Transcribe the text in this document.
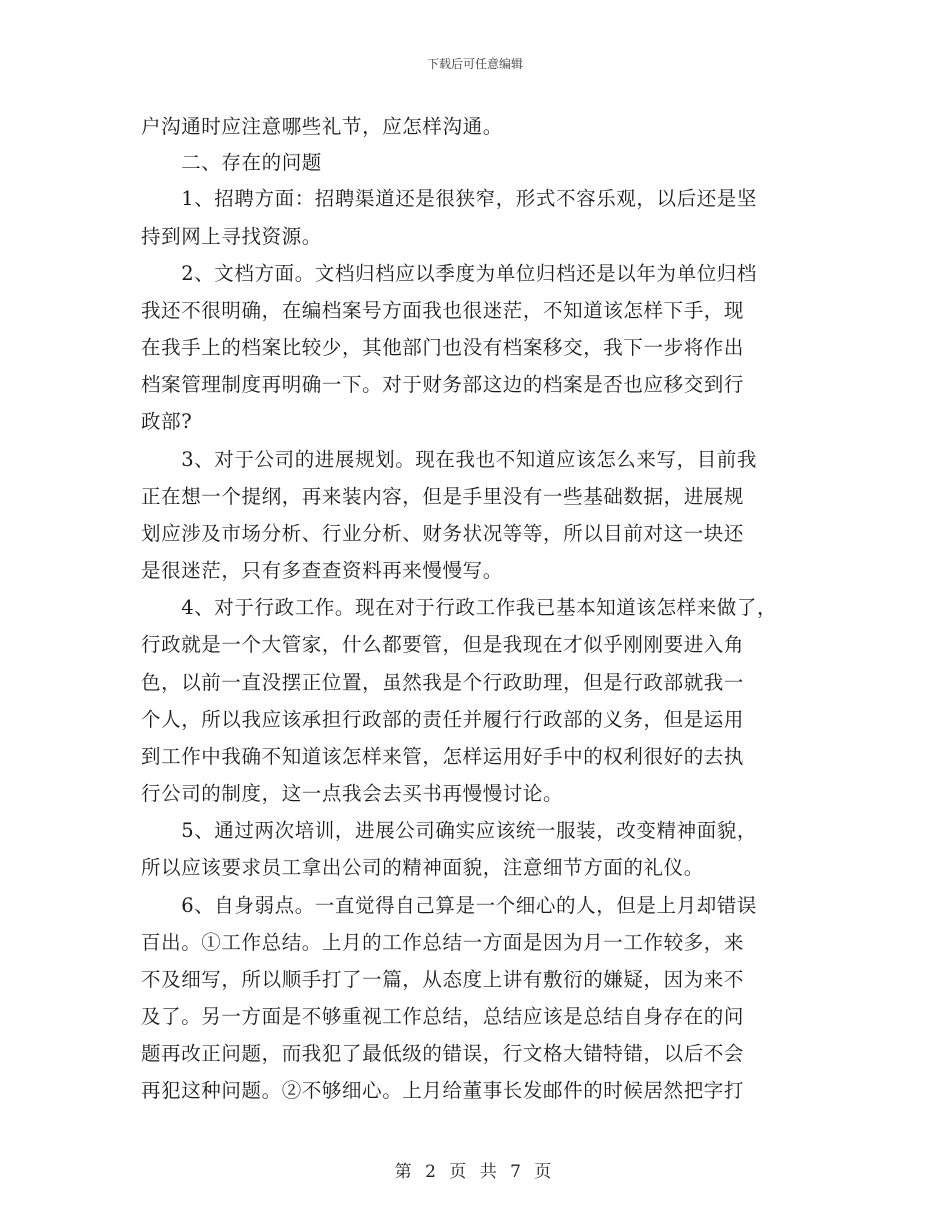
下载后可任意编辑
户沟通时应注意哪些礼节，应怎样沟通。
　　二、存在的问题
　　1、招聘方面：招聘渠道还是很狭窄，形式不容乐观，以后还是坚
持到网上寻找资源。
　　2、文档方面。文档归档应以季度为单位归档还是以年为单位归档
我还不很明确，在编档案号方面我也很迷茫，不知道该怎样下手，现
在我手上的档案比较少，其他部门也没有档案移交，我下一步将作出
档案管理制度再明确一下。对于财务部这边的档案是否也应移交到行
政部?
　　3、对于公司的进展规划。现在我也不知道应该怎么来写，目前我
正在想一个提纲，再来装内容，但是手里没有一些基础数据，进展规
划应涉及市场分析、行业分析、财务状况等等，所以目前对这一块还
是很迷茫，只有多查查资料再来慢慢写。
　　4、对于行政工作。现在对于行政工作我已基本知道该怎样来做了，
行政就是一个大管家，什么都要管，但是我现在才似乎刚刚要进入角
色，以前一直没摆正位置，虽然我是个行政助理，但是行政部就我一
个人，所以我应该承担行政部的责任并履行行政部的义务，但是运用
到工作中我确不知道该怎样来管，怎样运用好手中的权利很好的去执
行公司的制度，这一点我会去买书再慢慢讨论。
　　5、通过两次培训，进展公司确实应该统一服装，改变精神面貌，
所以应该要求员工拿出公司的精神面貌，注意细节方面的礼仪。
　　6、自身弱点。一直觉得自己算是一个细心的人，但是上月却错误
百出。①工作总结。上月的工作总结一方面是因为月一工作较多，来
不及细写，所以顺手打了一篇，从态度上讲有敷衍的嫌疑，因为来不
及了。另一方面是不够重视工作总结，总结应该是总结自身存在的问
题再改正问题，而我犯了最低级的错误，行文格大错特错，以后不会
再犯这种问题。②不够细心。上月给董事长发邮件的时候居然把字打
第 2 页 共 7 页
